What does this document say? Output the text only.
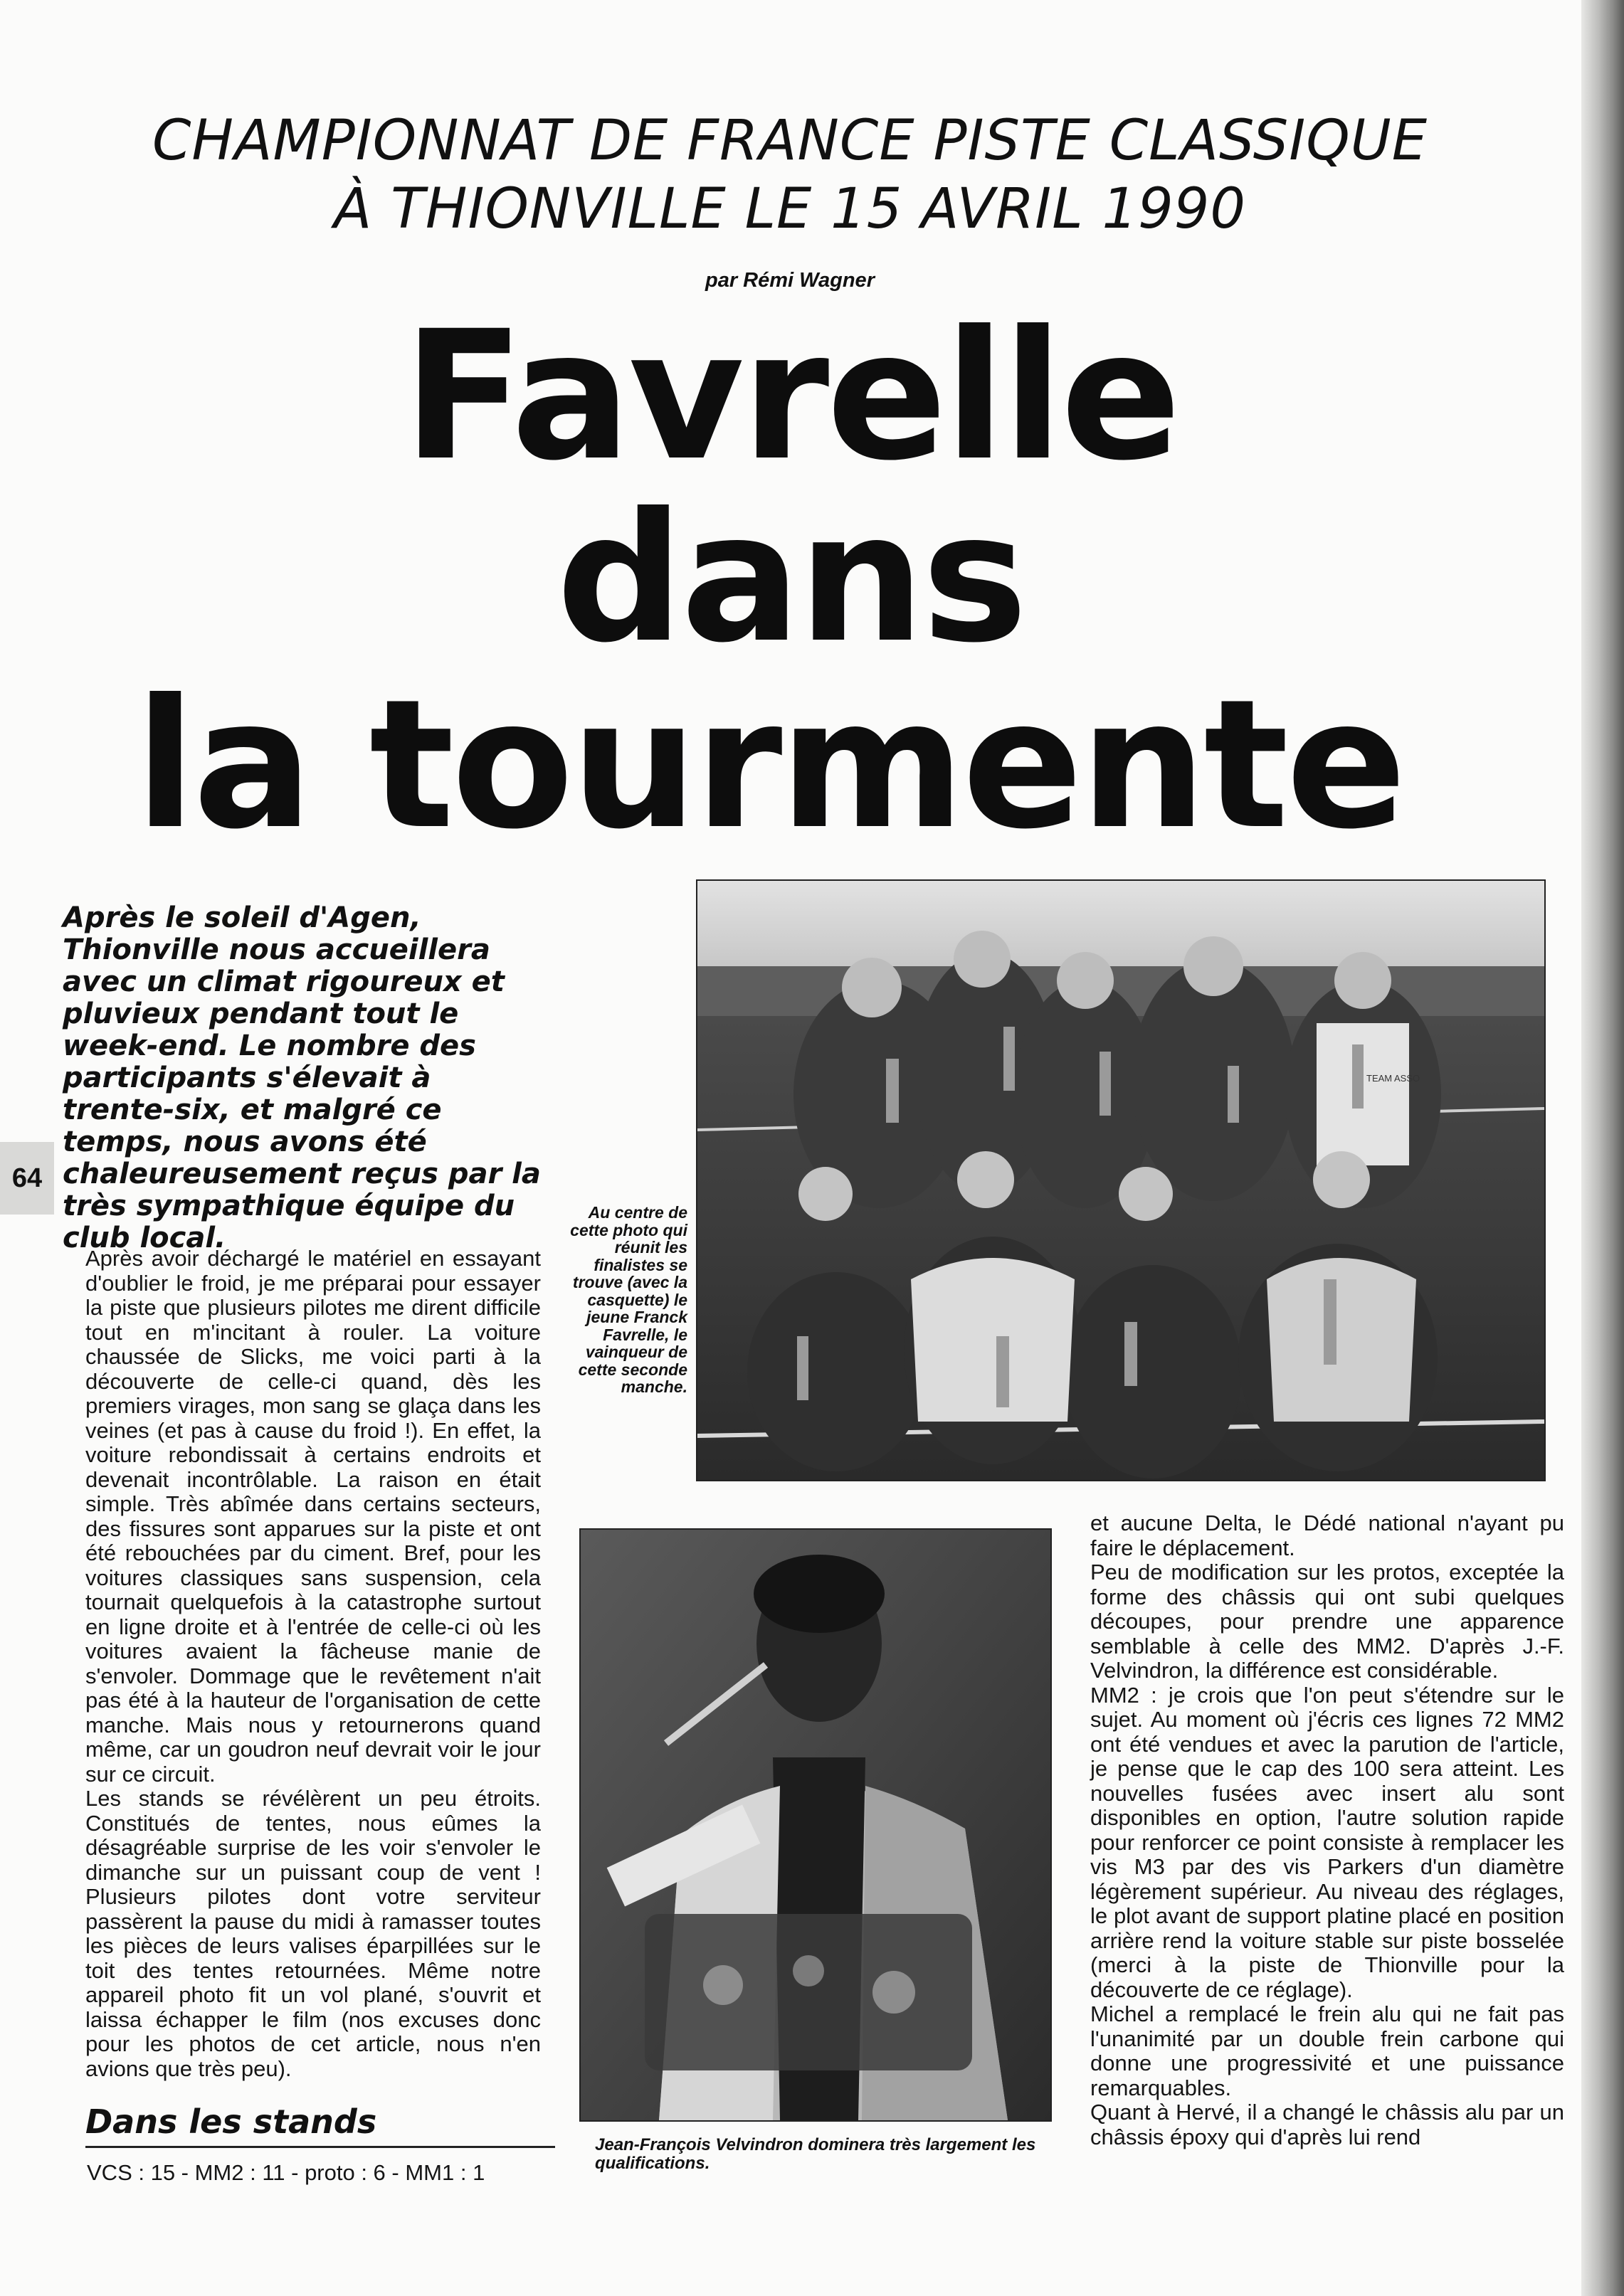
CHAMPIONNAT DE FRANCE PISTE CLASSIQUE
À THIONVILLE LE 15 AVRIL 1990
par Rémi Wagner
Favrelle
dans
la tourmente
Après le soleil d'Agen, Thionville nous accueillera avec un climat rigoureux et pluvieux pendant tout le week-end. Le nombre des participants s'élevait à trente-six, et malgré ce temps, nous avons été chaleureusement reçus par la très sympathique équipe du club local.
64

Après avoir déchargé le matériel en essayant d'oublier le froid, je me préparai pour essayer la piste que plusieurs pilotes me dirent difficile tout en m'incitant à rouler. La voiture chaussée de Slicks, me voici parti à la découverte de celle-ci quand, dès les premiers virages, mon sang se glaça dans les veines (et pas à cause du froid !). En effet, la voiture rebondissait à certains endroits et devenait incontrôlable. La raison en était simple. Très abîmée dans certains secteurs, des fissures sont apparues sur la piste et ont été rebouchées par du ciment. Bref, pour les voitures classiques sans suspension, cela tournait quelquefois à la catastrophe surtout en ligne droite et à l'entrée de celle-ci où les voitures avaient la fâcheuse manie de s'envoler. Dommage que le revêtement n'ait pas été à la hauteur de l'organisation de cette manche. Mais nous y retournerons quand même, car un goudron neuf devrait voir le jour sur ce circuit.

Les stands se révélèrent un peu étroits. Constitués de tentes, nous eûmes la désagréable surprise de les voir s'envoler le dimanche sur un puissant coup de vent ! Plusieurs pilotes dont votre serviteur passèrent la pause du midi à ramasser toutes les pièces de leurs valises éparpillées sur le toit des tentes retournées. Même notre appareil photo fit un vol plané, s'ouvrit et laissa échapper le film (nos excuses donc pour les photos de cet article, nous n'en avions que très peu).

Dans les stands
VCS : 15 - MM2 : 11 - proto : 6 - MM1 : 1
TEAM ASSO
Au centre de cette photo qui réunit les finalistes se trouve (avec la casquette) le jeune Franck Favrelle, le vainqueur de cette seconde manche.
Jean-François Velvindron dominera très largement les qualifications.

et aucune Delta, le Dédé national n'ayant pu faire le déplacement.

Peu de modification sur les protos, exceptée la forme des châssis qui ont subi quelques découpes, pour prendre une apparence semblable à celle des MM2. D'après J.-F. Velvindron, la différence est considérable.

MM2 : je crois que l'on peut s'étendre sur le sujet. Au moment où j'écris ces lignes 72 MM2 ont été vendues et avec la parution de l'article, je pense que le cap des 100 sera atteint. Les nouvelles fusées avec insert alu sont disponibles en option, l'autre solution rapide pour renforcer ce point consiste à remplacer les vis M3 par des vis Parkers d'un diamètre légèrement supérieur. Au niveau des réglages, le plot avant de support platine placé en position arrière rend la voiture stable sur piste bosselée (merci à la piste de Thionville pour la découverte de ce réglage).

Michel a remplacé le frein alu qui ne fait pas l'unanimité par un double frein carbone qui donne une progressivité et une puissance remarquables.

Quant à Hervé, il a changé le châssis alu par un châssis époxy qui d'après lui rend
